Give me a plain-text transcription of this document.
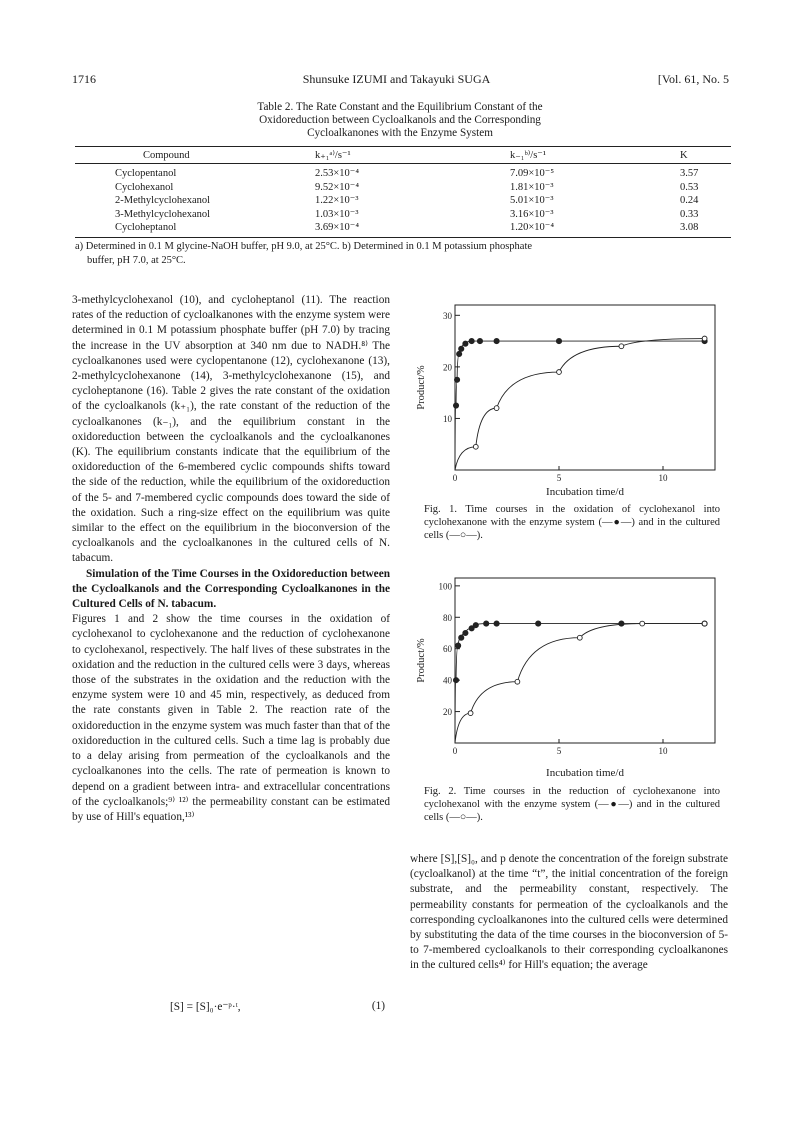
1716	Shunsuke IZUMI and Takayuki SUGA	[Vol. 61, No. 5
Table 2. The Rate Constant and the Equilibrium Constant of the
Oxidoreduction between Cycloalkanols and the Corresponding
Cycloalkanones with the Enzyme System
Compound	k₊₁ᵃ⁾/s⁻¹	k₋₁ᵇ⁾/s⁻¹	K
Cyclopentanol	2.53×10⁻⁴	7.09×10⁻⁵	3.57
Cyclohexanol	9.52×10⁻⁴	1.81×10⁻³	0.53
2-Methylcyclohexanol	1.22×10⁻³	5.01×10⁻³	0.24
3-Methylcyclohexanol	1.03×10⁻³	3.16×10⁻³	0.33
Cycloheptanol	3.69×10⁻⁴	1.20×10⁻⁴	3.08
a) Determined in 0.1 M glycine-NaOH buffer, pH 9.0, at 25°C. b) Determined in 0.1 M potassium phosphate
buffer, pH 7.0, at 25°C.

3-methylcyclohexanol (10), and cycloheptanol (11). The reaction rates of the reduction of cycloalkanones with the enzyme system were determined in 0.1 M potassium phosphate buffer (pH 7.0) by tracing the increase in the UV absorption at 340 nm due to NADH.⁸⁾ The cycloalkanones used were cyclopentanone (12), cyclohexanone (13), 2-methylcyclohexanone (14), 3-methylcyclohexanone (15), and cycloheptanone (16). Table 2 gives the rate constant of the oxidation of the cycloalkanols (k₊₁), the rate constant of the reduction of the cycloalkanones (k₋₁), and the equilibrium constant in the oxidoreduction between the cycloalkanols and the cycloalkanones (K). The equilibrium constants indicate that the equilibrium of the oxidoreduction of the 6-membered cyclic compounds shifts toward the side of the reduction, while the equilibrium of the oxidoreduction of the 5- and 7-membered cyclic compounds does toward the side of the oxidation. Such a ring-size effect on the equilibrium was quite similar to the effect on the equilibrium in the bioconversion of the cycloalkanols and the cycloalkanones in the cultured cells of N. tabacum.

Simulation of the Time Courses in the Oxidoreduction between the Cycloalkanols and the Corresponding Cycloalkanones in the Cultured Cells of N. tabacum.

Figures 1 and 2 show the time courses in the oxidation of cyclohexanol to cyclohexanone and the reduction of cyclohexanone to cyclohexanol, respectively. The half lives of these substrates in the oxidation and the reduction in the cultured cells were 3 days, whereas those of the substrates in the oxidation and the reduction with the enzyme system were 10 and 45 min, respectively, as deduced from the rate constants given in Table 2. The reaction rate of the oxidoreduction in the enzyme system was much faster than that of the oxidoreduction in the cultured cells. Such a time lag is probably due to a delay arising from permeation of the cycloalkanols and the cycloalkanones into the cells. The rate of permeation is known to depend on a gradient between intra- and extracellular concentrations of the cycloalkanols;⁹⁾ ¹²⁾ the permeability constant can be estimated by use of Hill's equation,¹³⁾

[S] = [S]₀·e⁻ᵖ·ᵗ,	(1)
30
20
10
0	5	10
Product/%
Incubation time/d
Fig. 1. Time courses in the oxidation of cyclohexanol into cyclohexanone with the enzyme system (—●—) and in the cultured cells (—○—).
100
80
60
40
20
0	5	10
Product/%
Incubation time/d
Fig. 2. Time courses in the reduction of cyclohexanone into cyclohexanol with the enzyme system (—●—) and in the cultured cells (—○—).

where [S],[S]₀, and p denote the concentration of the foreign substrate (cycloalkanol) at the time “t”, the initial concentration of the foreign substrate, and the permeability constant, respectively. The permeability constants for permeation of the cycloalkanols and the corresponding cycloalkanones into the cultured cells were determined by substituting the data of the time courses in the bioconversion of 5- to 7-membered cycloalkanols to their corresponding cycloalkanones in the cultured cells⁴⁾ for Hill's equation; the average
